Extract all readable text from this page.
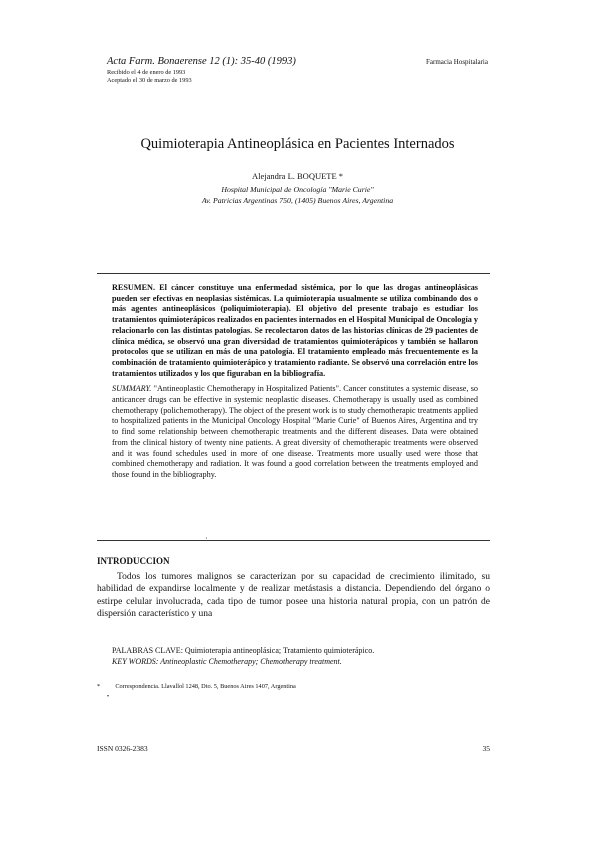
Acta Farm. Bonaerense 12 (1): 35-40 (1993)	Farmacia Hospitalaria
Recibido el 4 de enero de 1993
Aceptado el 30 de marzo de 1993
Quimioterapia Antineoplásica en Pacientes Internados
Alejandra L. BOQUETE *
Hospital Municipal de Oncología "Marie Curie"
Av. Patricias Argentinas 750, (1405) Buenos Aires, Argentina

RESUMEN. El cáncer constituye una enfermedad sistémica, por lo que las drogas antineoplásicas pueden ser efectivas en neoplasias sistémicas. La quimioterapia usualmente se utiliza combinando dos o más agentes antineoplásicos (poliquimioterapia). El objetivo del presente trabajo es estudiar los tratamientos quimioterápicos realizados en pacientes internados en el Hospital Municipal de Oncología y relacionarlo con las distintas patologías. Se recolectaron datos de las historias clínicas de 29 pacientes de clínica médica, se observó una gran diversidad de tratamientos quimioterápicos y también se hallaron protocolos que se utilizan en más de una patología. El tratamiento empleado más frecuentemente es la combinación de tratamiento quimioterápico y tratamiento radiante. Se observó una correlación entre los tratamientos utilizados y los que figuraban en la bibliografía.

SUMMARY. "Antineoplastic Chemotherapy in Hospitalized Patients". Cancer constitutes a systemic disease, so anticancer drugs can be effective in systemic neoplastic diseases. Chemotherapy is usually used as combined chemotherapy (polichemotherapy). The object of the present work is to study chemotherapic treatments applied to hospitalized patients in the Municipal Oncology Hospital "Marie Curie" of Buenos Aires, Argentina and try to find some relationship between chemotherapic treatments and the different diseases. Data were obtained from the clinical history of twenty nine patients. A great diversity of chemotherapic treatments were observed and it was found schedules used in more of one disease. Treatments more usually used were those that combined chemotherapy and radiation. It was found a good correlation between the treatments employed and those found in the bibliography.

·
INTRODUCCION

Todos los tumores malignos se caracterizan por su capacidad de crecimiento ilimitado, su habilidad de expandirse localmente y de realizar metástasis a distancia. Dependiendo del órgano o estirpe celular involucrada, cada tipo de tumor posee una historia natural propia, con un patrón de dispersión característico y una

PALABRAS CLAVE: Quimioterapia antineoplásica; Tratamiento quimioterápico.
KEY WORDS: Antineoplastic Chemotherapy; Chemotherapy treatment.
* Correspondencia. Llavallol 1248, Dto. 5, Buenos Aires 1407, Argentina
•
ISSN 0326-2383	35
